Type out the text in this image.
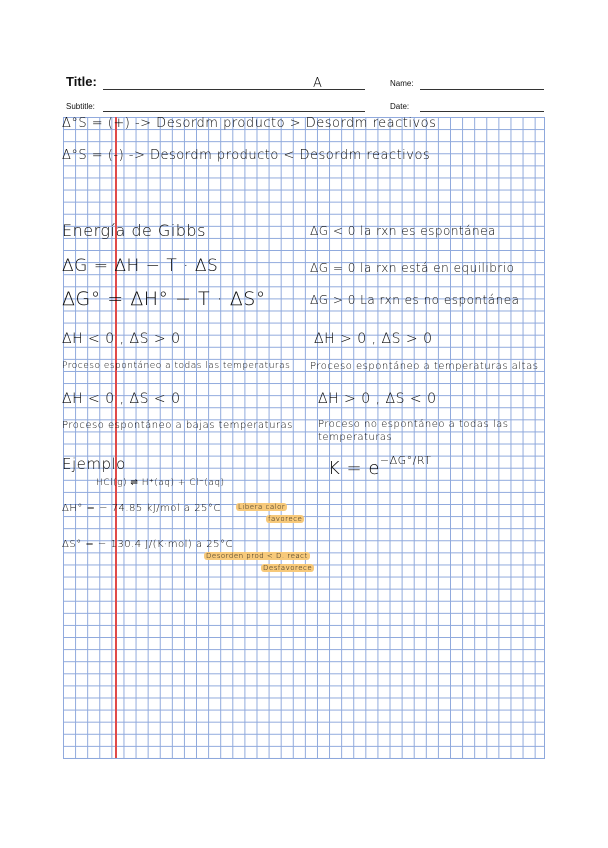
Title:	A
Subtitle:
Name:
Date:
Δ°S = (+) -> Desordm producto > Desordm reactivos
Δ°S = (-) -> Desordm producto < Desordm reactivos
Energía de Gibbs
ΔG = ΔH − T · ΔS
ΔG° = ΔH° − T · ΔS°
ΔG < 0 la rxn es espontánea
ΔG = 0 la rxn está en equilibrio
ΔG > 0 La rxn es no espontánea
ΔH < 0 , ΔS > 0
Proceso espontáneo a todas las temperaturas
ΔH > 0 , ΔS > 0
Proceso espontáneo a temperaturas altas
ΔH < 0 , ΔS < 0
Proceso espontáneo a bajas temperaturas
ΔH > 0 , ΔS < 0
Proceso no espontáneo a todas las
temperaturas
Ejemplo
HCl(g) ⇌ H⁺(aq) + Cl⁻(aq)
ΔH° = − 74.85 kJ/mol a 25°C Libera calor
favorece
ΔS° = − 130.4 J/(K·mol) a 25°C
Desorden prod < D. react
Desfavorece
$K = e^{-\Delta G^\circ/RT}$
